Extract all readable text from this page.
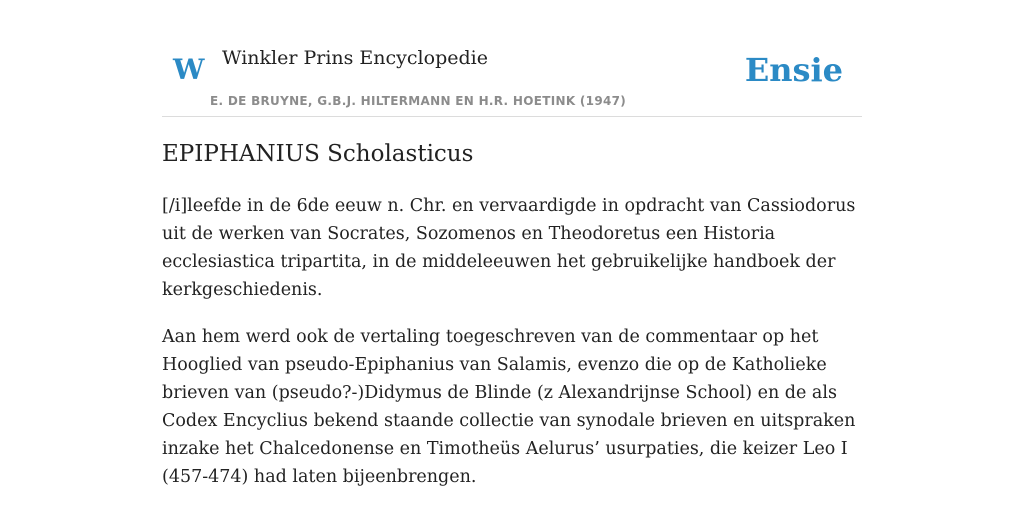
W Winkler Prins Encyclopedie
E. DE BRUYNE, G.B.J. HILTERMANN EN H.R. HOETINK (1947)
Ensie
EPIPHANIUS Scholasticus

[/i]leefde in de 6de eeuw n. Chr. en vervaardigde in opdracht van Cassiodorus uit de werken van Socrates, Sozomenos en Theodoretus een Historia ecclesiastica tripartita, in de middeleeuwen het gebruikelijke handboek der kerkgeschiedenis.

Aan hem werd ook de vertaling toegeschreven van de commentaar op het Hooglied van pseudo-Epiphanius van Salamis, evenzo die op de Katholieke brieven van (pseudo?-)Didymus de Blinde (z Alexandrijnse School) en de als Codex Encyclius bekend staande collectie van synodale brieven en uitspraken inzake het Chalcedonense en Timotheüs Aelurus’ usurpaties, die keizer Leo I (457-474) had laten bijeenbrengen.
